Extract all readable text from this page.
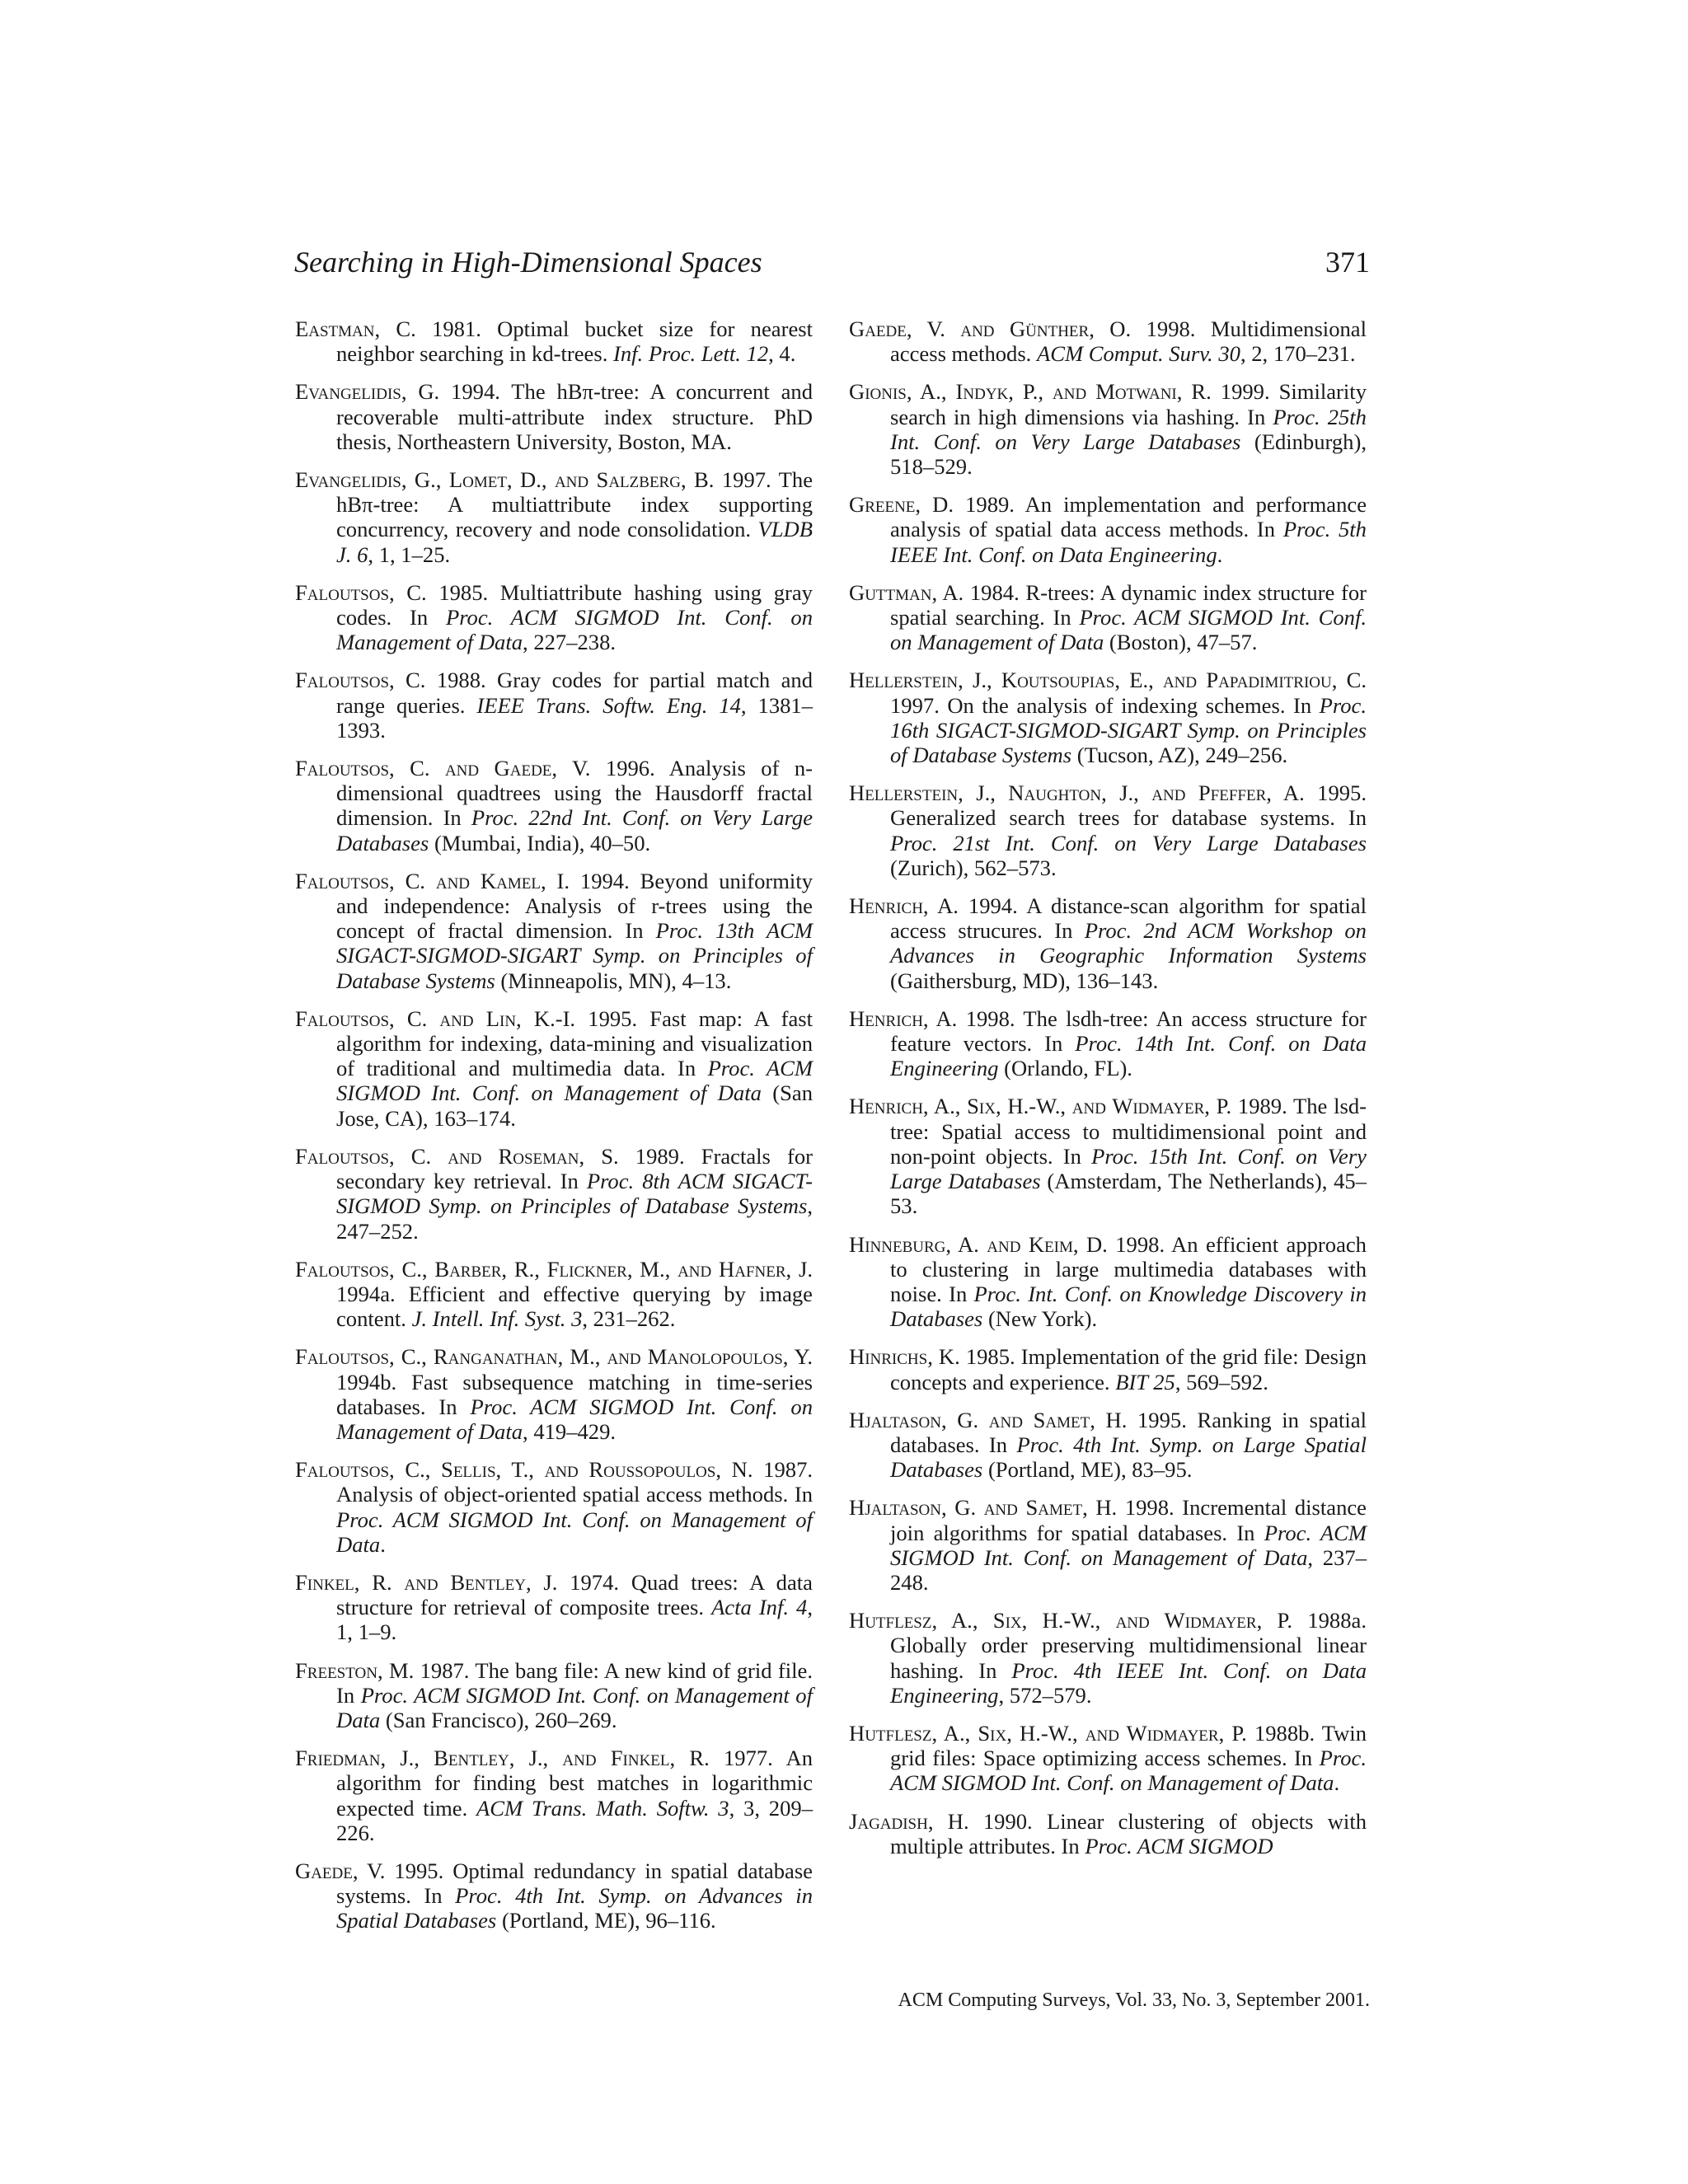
Searching in High-Dimensional Spaces	371

Eastman, C. 1981. Optimal bucket size for nearest neighbor searching in kd-trees. Inf. Proc. Lett. 12, 4.

Evangelidis, G. 1994. The hBπ-tree: A concurrent and recoverable multi-attribute index structure. PhD thesis, Northeastern University, Boston, MA.

Evangelidis, G., Lomet, D., and Salzberg, B. 1997. The hBπ-tree: A multiattribute index supporting concurrency, recovery and node consolidation. VLDB J. 6, 1, 1–25.

Faloutsos, C. 1985. Multiattribute hashing using gray codes. In Proc. ACM SIGMOD Int. Conf. on Management of Data, 227–238.

Faloutsos, C. 1988. Gray codes for partial match and range queries. IEEE Trans. Softw. Eng. 14, 1381–1393.

Faloutsos, C. and Gaede, V. 1996. Analysis of n-dimensional quadtrees using the Hausdorff fractal dimension. In Proc. 22nd Int. Conf. on Very Large Databases (Mumbai, India), 40–50.

Faloutsos, C. and Kamel, I. 1994. Beyond uniformity and independence: Analysis of r-trees using the concept of fractal dimension. In Proc. 13th ACM SIGACT-SIGMOD-SIGART Symp. on Principles of Database Systems (Minneapolis, MN), 4–13.

Faloutsos, C. and Lin, K.-I. 1995. Fast map: A fast algorithm for indexing, data-mining and visualization of traditional and multimedia data. In Proc. ACM SIGMOD Int. Conf. on Management of Data (San Jose, CA), 163–174.

Faloutsos, C. and Roseman, S. 1989. Fractals for secondary key retrieval. In Proc. 8th ACM SIGACT-SIGMOD Symp. on Principles of Database Systems, 247–252.

Faloutsos, C., Barber, R., Flickner, M., and Hafner, J. 1994a. Efficient and effective querying by image content. J. Intell. Inf. Syst. 3, 231–262.

Faloutsos, C., Ranganathan, M., and Manolopoulos, Y. 1994b. Fast subsequence matching in time-series databases. In Proc. ACM SIGMOD Int. Conf. on Management of Data, 419–429.

Faloutsos, C., Sellis, T., and Roussopoulos, N. 1987. Analysis of object-oriented spatial access methods. In Proc. ACM SIGMOD Int. Conf. on Management of Data.

Finkel, R. and Bentley, J. 1974. Quad trees: A data structure for retrieval of composite trees. Acta Inf. 4, 1, 1–9.

Freeston, M. 1987. The bang file: A new kind of grid file. In Proc. ACM SIGMOD Int. Conf. on Management of Data (San Francisco), 260–269.

Friedman, J., Bentley, J., and Finkel, R. 1977. An algorithm for finding best matches in logarithmic expected time. ACM Trans. Math. Softw. 3, 3, 209–226.

Gaede, V. 1995. Optimal redundancy in spatial database systems. In Proc. 4th Int. Symp. on Advances in Spatial Databases (Portland, ME), 96–116.

Gaede, V. and Günther, O. 1998. Multidimensional access methods. ACM Comput. Surv. 30, 2, 170–231.

Gionis, A., Indyk, P., and Motwani, R. 1999. Similarity search in high dimensions via hashing. In Proc. 25th Int. Conf. on Very Large Databases (Edinburgh), 518–529.

Greene, D. 1989. An implementation and performance analysis of spatial data access methods. In Proc. 5th IEEE Int. Conf. on Data Engineering.

Guttman, A. 1984. R-trees: A dynamic index structure for spatial searching. In Proc. ACM SIGMOD Int. Conf. on Management of Data (Boston), 47–57.

Hellerstein, J., Koutsoupias, E., and Papadimitriou, C. 1997. On the analysis of indexing schemes. In Proc. 16th SIGACT-SIGMOD-SIGART Symp. on Principles of Database Systems (Tucson, AZ), 249–256.

Hellerstein, J., Naughton, J., and Pfeffer, A. 1995. Generalized search trees for database systems. In Proc. 21st Int. Conf. on Very Large Databases (Zurich), 562–573.

Henrich, A. 1994. A distance-scan algorithm for spatial access strucures. In Proc. 2nd ACM Workshop on Advances in Geographic Information Systems (Gaithersburg, MD), 136–143.

Henrich, A. 1998. The lsdh-tree: An access structure for feature vectors. In Proc. 14th Int. Conf. on Data Engineering (Orlando, FL).

Henrich, A., Six, H.-W., and Widmayer, P. 1989. The lsd-tree: Spatial access to multidimensional point and non-point objects. In Proc. 15th Int. Conf. on Very Large Databases (Amsterdam, The Netherlands), 45–53.

Hinneburg, A. and Keim, D. 1998. An efficient approach to clustering in large multimedia databases with noise. In Proc. Int. Conf. on Knowledge Discovery in Databases (New York).

Hinrichs, K. 1985. Implementation of the grid file: Design concepts and experience. BIT 25, 569–592.

Hjaltason, G. and Samet, H. 1995. Ranking in spatial databases. In Proc. 4th Int. Symp. on Large Spatial Databases (Portland, ME), 83–95.

Hjaltason, G. and Samet, H. 1998. Incremental distance join algorithms for spatial databases. In Proc. ACM SIGMOD Int. Conf. on Management of Data, 237–248.

Hutflesz, A., Six, H.-W., and Widmayer, P. 1988a. Globally order preserving multidimensional linear hashing. In Proc. 4th IEEE Int. Conf. on Data Engineering, 572–579.

Hutflesz, A., Six, H.-W., and Widmayer, P. 1988b. Twin grid files: Space optimizing access schemes. In Proc. ACM SIGMOD Int. Conf. on Management of Data.

Jagadish, H. 1990. Linear clustering of objects with multiple attributes. In Proc. ACM SIGMOD

ACM Computing Surveys, Vol. 33, No. 3, September 2001.
